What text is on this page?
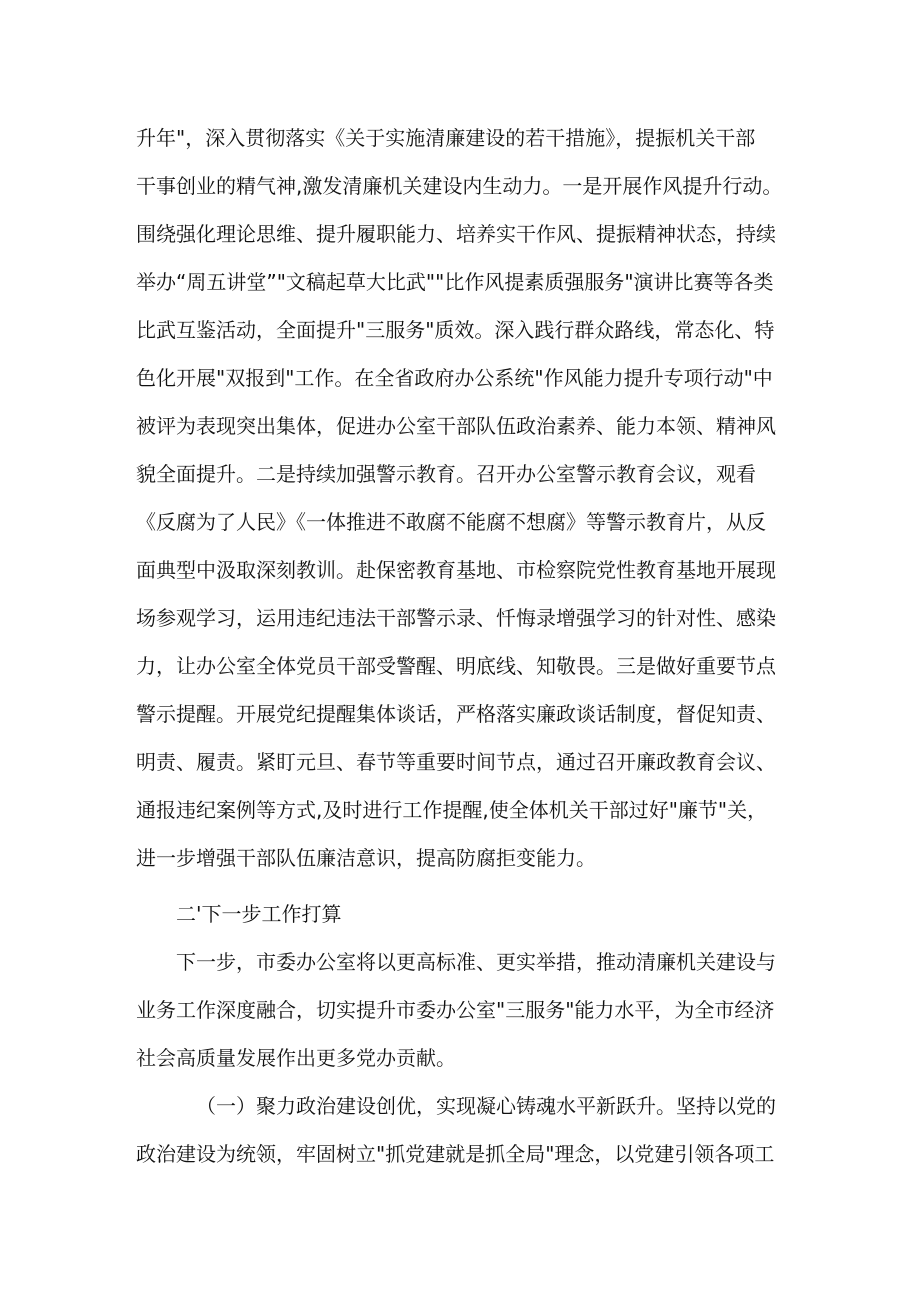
升年"，深入贯彻落实《关于实施清廉建设的若干措施》，提振机关干部
干事创业的精气神,激发清廉机关建设内生动力。一是开展作风提升行动。
围绕强化理论思维、提升履职能力、培养实干作风、提振精神状态，持续
举办“周五讲堂”"文稿起草大比武""比作风提素质强服务"演讲比赛等各类
比武互鉴活动，全面提升"三服务"质效。深入践行群众路线，常态化、特
色化开展"双报到"工作。在全省政府办公系统"作风能力提升专项行动"中
被评为表现突出集体，促进办公室干部队伍政治素养、能力本领、精神风
貌全面提升。二是持续加强警示教育。召开办公室警示教育会议，观看
《反腐为了人民》《一体推进不敢腐不能腐不想腐》等警示教育片，从反
面典型中汲取深刻教训。赴保密教育基地、市检察院党性教育基地开展现
场参观学习，运用违纪违法干部警示录、忏悔录增强学习的针对性、感染
力，让办公室全体党员干部受警醒、明底线、知敬畏。三是做好重要节点
警示提醒。开展党纪提醒集体谈话，严格落实廉政谈话制度，督促知责、
明责、履责。紧盯元旦、春节等重要时间节点，通过召开廉政教育会议、
通报违纪案例等方式,及时进行工作提醒,使全体机关干部过好"廉节"关，
进一步增强干部队伍廉洁意识，提高防腐拒变能力。
二'下一步工作打算
下一步，市委办公室将以更高标准、更实举措，推动清廉机关建设与
业务工作深度融合，切实提升市委办公室"三服务"能力水平，为全市经济
社会高质量发展作出更多党办贡献。
（一）聚力政治建设创优，实现凝心铸魂水平新跃升。坚持以党的
政治建设为统领，牢固树立"抓党建就是抓全局"理念，以党建引领各项工
